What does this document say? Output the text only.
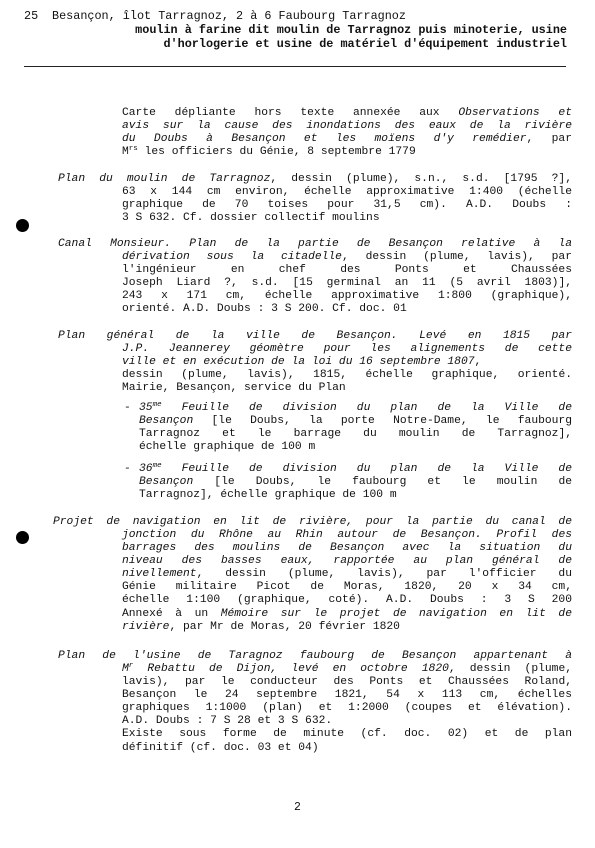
25 Besançon, îlot Tarragnoz, 2 à 6 Faubourg Tarragnoz
moulin à farine dit moulin de Tarragnoz puis minoterie, usine
d'horlogerie et usine de matériel d'équipement industriel
Carte dépliante hors texte annexée aux Observations et
avis sur la cause des inondations des eaux de la rivière
du Doubs à Besançon et les moïens d'y remédier, par
$M^{rs}$ les officiers du Génie, 8 septembre 1779
Plan du moulin de Tarragnoz, dessin (plume), s.n., s.d. [1795 ?],
63 x 144 cm environ, échelle approximative 1:400 (échelle
graphique de 70 toises pour 31,5 cm). A.D. Doubs :
3 S 632. Cf. dossier collectif moulins
Canal Monsieur. Plan de la partie de Besançon relative à la
dérivation sous la citadelle, dessin (plume, lavis), par
l'ingénieur en chef des Ponts et Chaussées
Joseph Liard ?, s.d. [15 germinal an 11 (5 avril 1803)],
243 x 171 cm, échelle approximative 1:800 (graphique),
orienté. A.D. Doubs : 3 S 200. Cf. doc. 01
Plan général de la ville de Besançon. Levé en 1815 par
J.P. Jeannerey géomètre pour les alignements de cette
ville et en exécution de la loi du 16 septembre 1807,
dessin (plume, lavis), 1815, échelle graphique, orienté.
Mairie, Besançon, service du Plan
- $35^{me}$ Feuille de division du plan de la Ville de
Besançon [le Doubs, la porte Notre-Dame, le faubourg
Tarragnoz et le barrage du moulin de Tarragnoz],
échelle graphique de 100 m
- $36^{me}$ Feuille de division du plan de la Ville de
Besançon [le Doubs, le faubourg et le moulin de
Tarragnoz], échelle graphique de 100 m
Projet de navigation en lit de rivière, pour la partie du canal de
jonction du Rhône au Rhin autour de Besançon. Profil des
barrages des moulins de Besançon avec la situation du
niveau des basses eaux, rapportée au plan général de
nivellement, dessin (plume, lavis), par l'officier du
Génie militaire Picot de Moras, 1820, 20 x 34 cm,
échelle 1:100 (graphique, coté). A.D. Doubs : 3 S 200
Annexé à un Mémoire sur le projet de navigation en lit de
rivière, par Mr de Moras, 20 février 1820
Plan de l'usine de Taragnoz faubourg de Besançon appartenant à
$M^r$ Rebattu de Dijon, levé en octobre 1820, dessin (plume,
lavis), par le conducteur des Ponts et Chaussées Roland,
Besançon le 24 septembre 1821, 54 x 113 cm, échelles
graphiques 1:1000 (plan) et 1:2000 (coupes et élévation).
A.D. Doubs : 7 S 28 et 3 S 632.
Existe sous forme de minute (cf. doc. 02) et de plan
définitif (cf. doc. 03 et 04)
2
